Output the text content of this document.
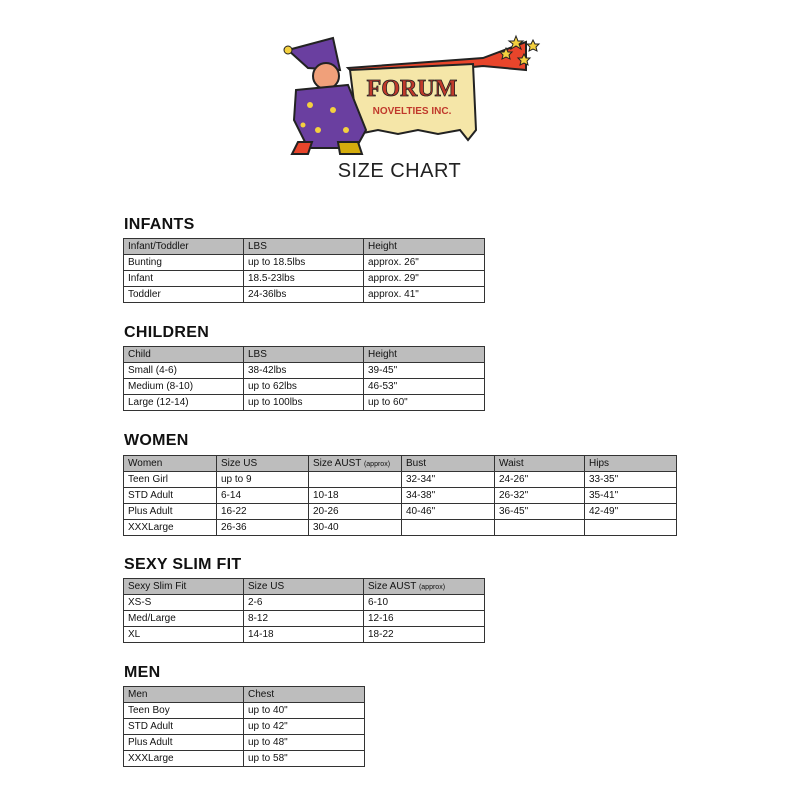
FORUM
NOVELTIES INC.
SIZE CHART
INFANTS
Infant/Toddler	LBS	Height
Bunting	up to 18.5lbs	approx. 26"
Infant	18.5-23lbs	approx. 29"
Toddler	24-36lbs	approx. 41"
CHILDREN
Child	LBS	Height
Small (4-6)	38-42lbs	39-45"
Medium (8-10)	up to 62lbs	46-53"
Large (12-14)	up to 100lbs	up to 60"
WOMEN
Women	Size US	Size AUST (approx)	Bust	Waist	Hips
Teen Girl	up to 9		32-34"	24-26"	33-35"
STD Adult	6-14	10-18	34-38"	26-32"	35-41"
Plus Adult	16-22	20-26	40-46"	36-45"	42-49"
XXXLarge	26-36	30-40			
SEXY SLIM FIT
Sexy Slim Fit	Size US	Size AUST (approx)
XS-S	2-6	6-10
Med/Large	8-12	12-16
XL	14-18	18-22
MEN
Men	Chest
Teen Boy	up to 40"
STD Adult	up to 42"
Plus Adult	up to 48"
XXXLarge	up to 58"
